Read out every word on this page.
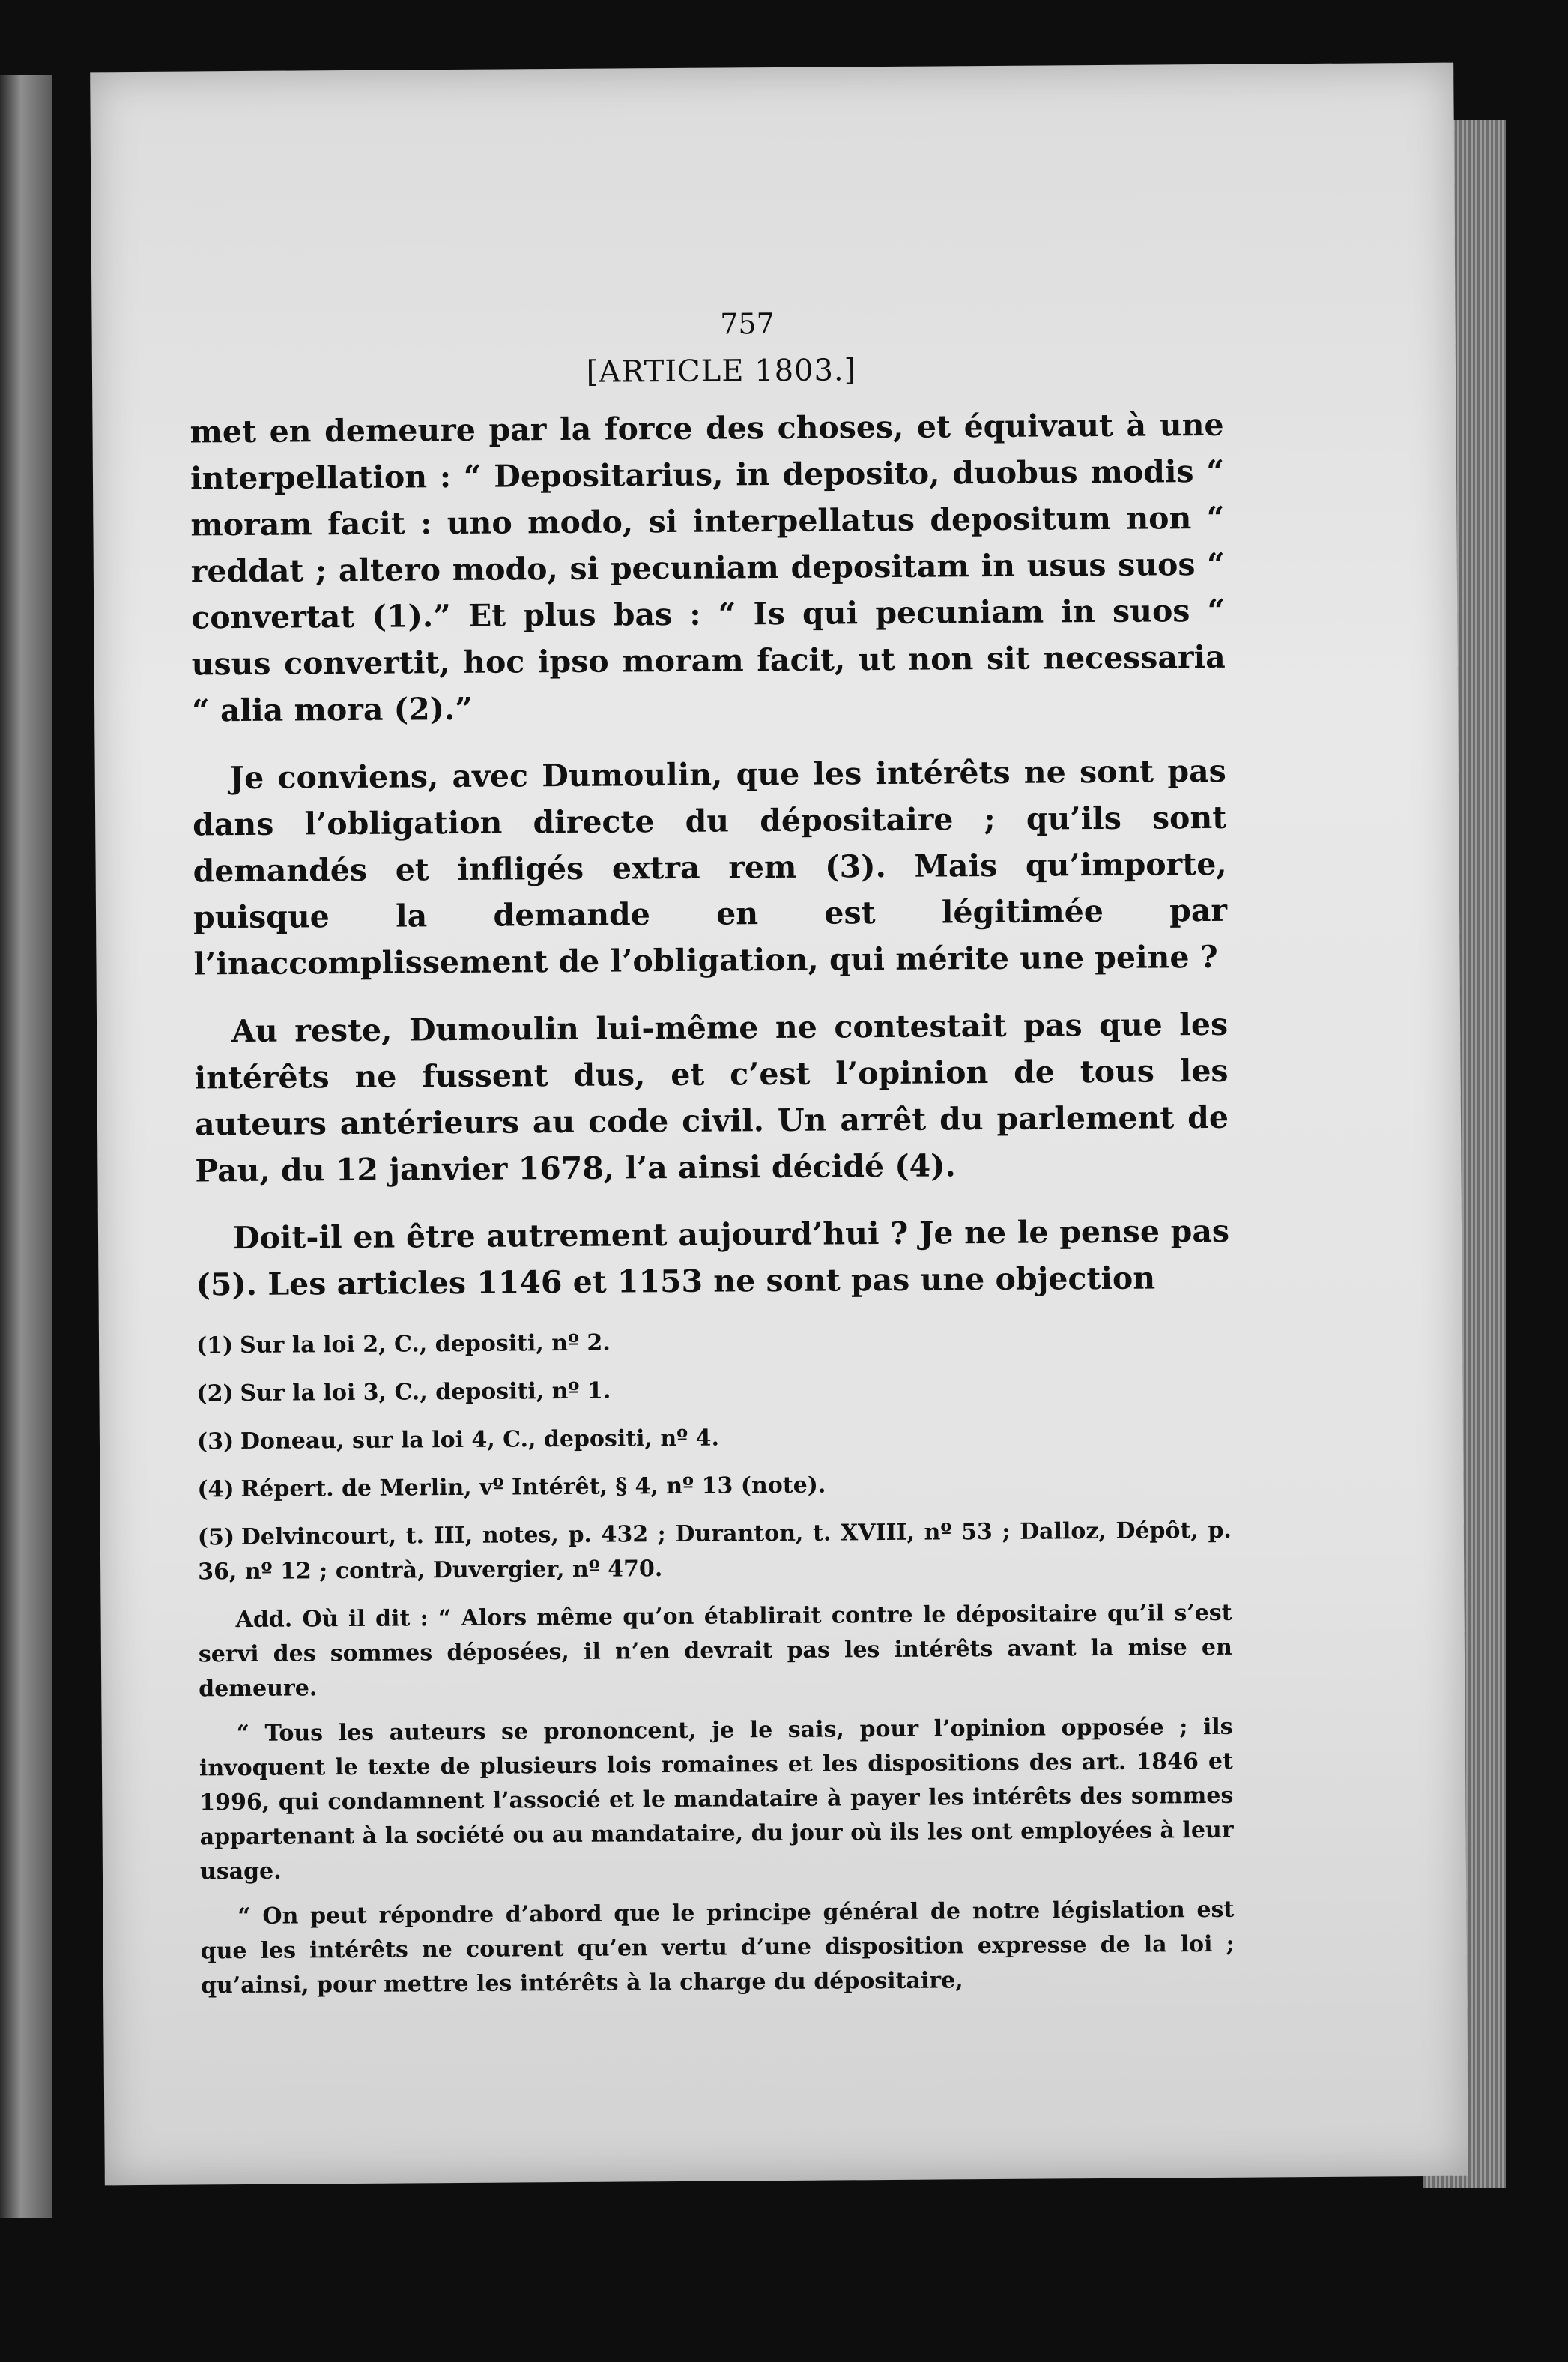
757
[ARTICLE 1803.]

met en demeure par la force des choses, et équivaut à une interpellation : “ Depositarius, in deposito, duobus modis “ moram facit : uno modo, si interpellatus depositum non “ reddat ; altero modo, si pecuniam depositam in usus suos “ convertat (1).” Et plus bas : “ Is qui pecuniam in suos “ usus convertit, hoc ipso moram facit, ut non sit necessaria “ alia mora (2).”

Je conviens, avec Dumoulin, que les intérêts ne sont pas dans l’obligation directe du dépositaire ; qu’ils sont demandés et infligés extra rem (3). Mais qu’importe, puisque la demande en est légitimée par l’inaccomplissement de l’obligation, qui mérite une peine ?

Au reste, Dumoulin lui-même ne contestait pas que les intérêts ne fussent dus, et c’est l’opinion de tous les auteurs antérieurs au code civil. Un arrêt du parlement de Pau, du 12 janvier 1678, l’a ainsi décidé (4).

Doit-il en être autrement aujourd’hui ? Je ne le pense pas (5). Les articles 1146 et 1153 ne sont pas une objection

(1) Sur la loi 2, C., depositi, nº 2.

(2) Sur la loi 3, C., depositi, nº 1.

(3) Doneau, sur la loi 4, C., depositi, nº 4.

(4) Répert. de Merlin, vº Intérêt, § 4, nº 13 (note).

(5) Delvincourt, t. III, notes, p. 432 ; Duranton, t. XVIII, nº 53 ; Dalloz, Dépôt, p. 36, nº 12 ; contrà, Duvergier, nº 470.

Add. Où il dit : “ Alors même qu’on établirait contre le dépositaire qu’il s’est servi des sommes déposées, il n’en devrait pas les intérêts avant la mise en demeure.

“ Tous les auteurs se prononcent, je le sais, pour l’opinion opposée ; ils invoquent le texte de plusieurs lois romaines et les dispositions des art. 1846 et 1996, qui condamnent l’associé et le mandataire à payer les intérêts des sommes appartenant à la société ou au mandataire, du jour où ils les ont employées à leur usage.

“ On peut répondre d’abord que le principe général de notre législation est que les intérêts ne courent qu’en vertu d’une disposition expresse de la loi ; qu’ainsi, pour mettre les intérêts à la charge du dépositaire,
